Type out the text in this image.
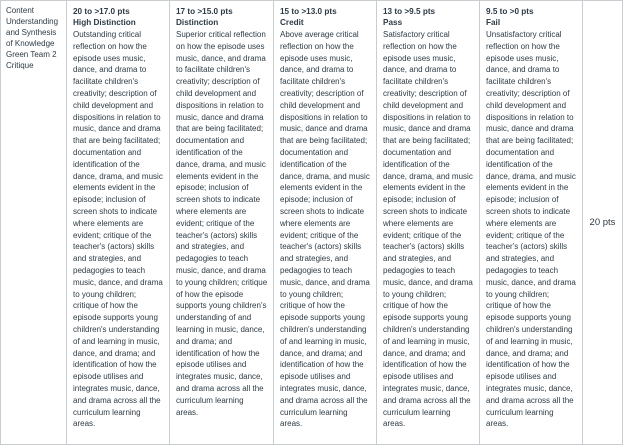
Content Understanding and Synthesis of Knowledge
Green Team 2 Critique
20 to >17.0 pts
High Distinction
Outstanding critical reflection on how the episode uses music, dance, and drama to facilitate children's creativity; description of child development and dispositions in relation to music, dance and drama that are being facilitated; documentation and identification of the dance, drama, and music elements evident in the episode; inclusion of screen shots to indicate where elements are evident; critique of the teacher's (actors) skills and strategies, and pedagogies to teach music, dance, and drama to young children; critique of how the episode supports young children's understanding of and learning in music, dance, and drama; and identification of how the episode utilises and integrates music, dance, and drama across all the curriculum learning areas.
17 to >15.0 pts
Distinction
Superior critical reflection on how the episode uses music, dance, and drama to facilitate children's creativity; description of child development and dispositions in relation to music, dance and drama that are being facilitated; documentation and identification of the dance, drama, and music elements evident in the episode; inclusion of screen shots to indicate where elements are evident; critique of the teacher's (actors) skills and strategies, and pedagogies to teach music, dance, and drama to young children; critique of how the episode supports young children's understanding of and learning in music, dance, and drama; and identification of how the episode utilises and integrates music, dance, and drama across all the curriculum learning areas.
15 to >13.0 pts
Credit
Above average critical reflection on how the episode uses music, dance, and drama to facilitate children's creativity; description of child development and dispositions in relation to music, dance and drama that are being facilitated; documentation and identification of the dance, drama, and music elements evident in the episode; inclusion of screen shots to indicate where elements are evident; critique of the teacher's (actors) skills and strategies, and pedagogies to teach music, dance, and drama to young children; critique of how the episode supports young children's understanding of and learning in music, dance, and drama; and identification of how the episode utilises and integrates music, dance, and drama across all the curriculum learning areas.
13 to >9.5 pts
Pass
Satisfactory critical reflection on how the episode uses music, dance, and drama to facilitate children's creativity; description of child development and dispositions in relation to music, dance and drama that are being facilitated; documentation and identification of the dance, drama, and music elements evident in the episode; inclusion of screen shots to indicate where elements are evident; critique of the teacher's (actors) skills and strategies, and pedagogies to teach music, dance, and drama to young children; critique of how the episode supports young children's understanding of and learning in music, dance, and drama; and identification of how the episode utilises and integrates music, dance, and drama across all the curriculum learning areas.
9.5 to >0 pts
Fail
Unsatisfactory critical reflection on how the episode uses music, dance, and drama to facilitate children's creativity; description of child development and dispositions in relation to music, dance and drama that are being facilitated; documentation and identification of the dance, drama, and music elements evident in the episode; inclusion of screen shots to indicate where elements are evident; critique of the teacher's (actors) skills and strategies, and pedagogies to teach music, dance, and drama to young children; critique of how the episode supports young children's understanding of and learning in music, dance, and drama; and identification of how the episode utilises and integrates music, dance, and drama across all the curriculum learning areas.
20 pts
